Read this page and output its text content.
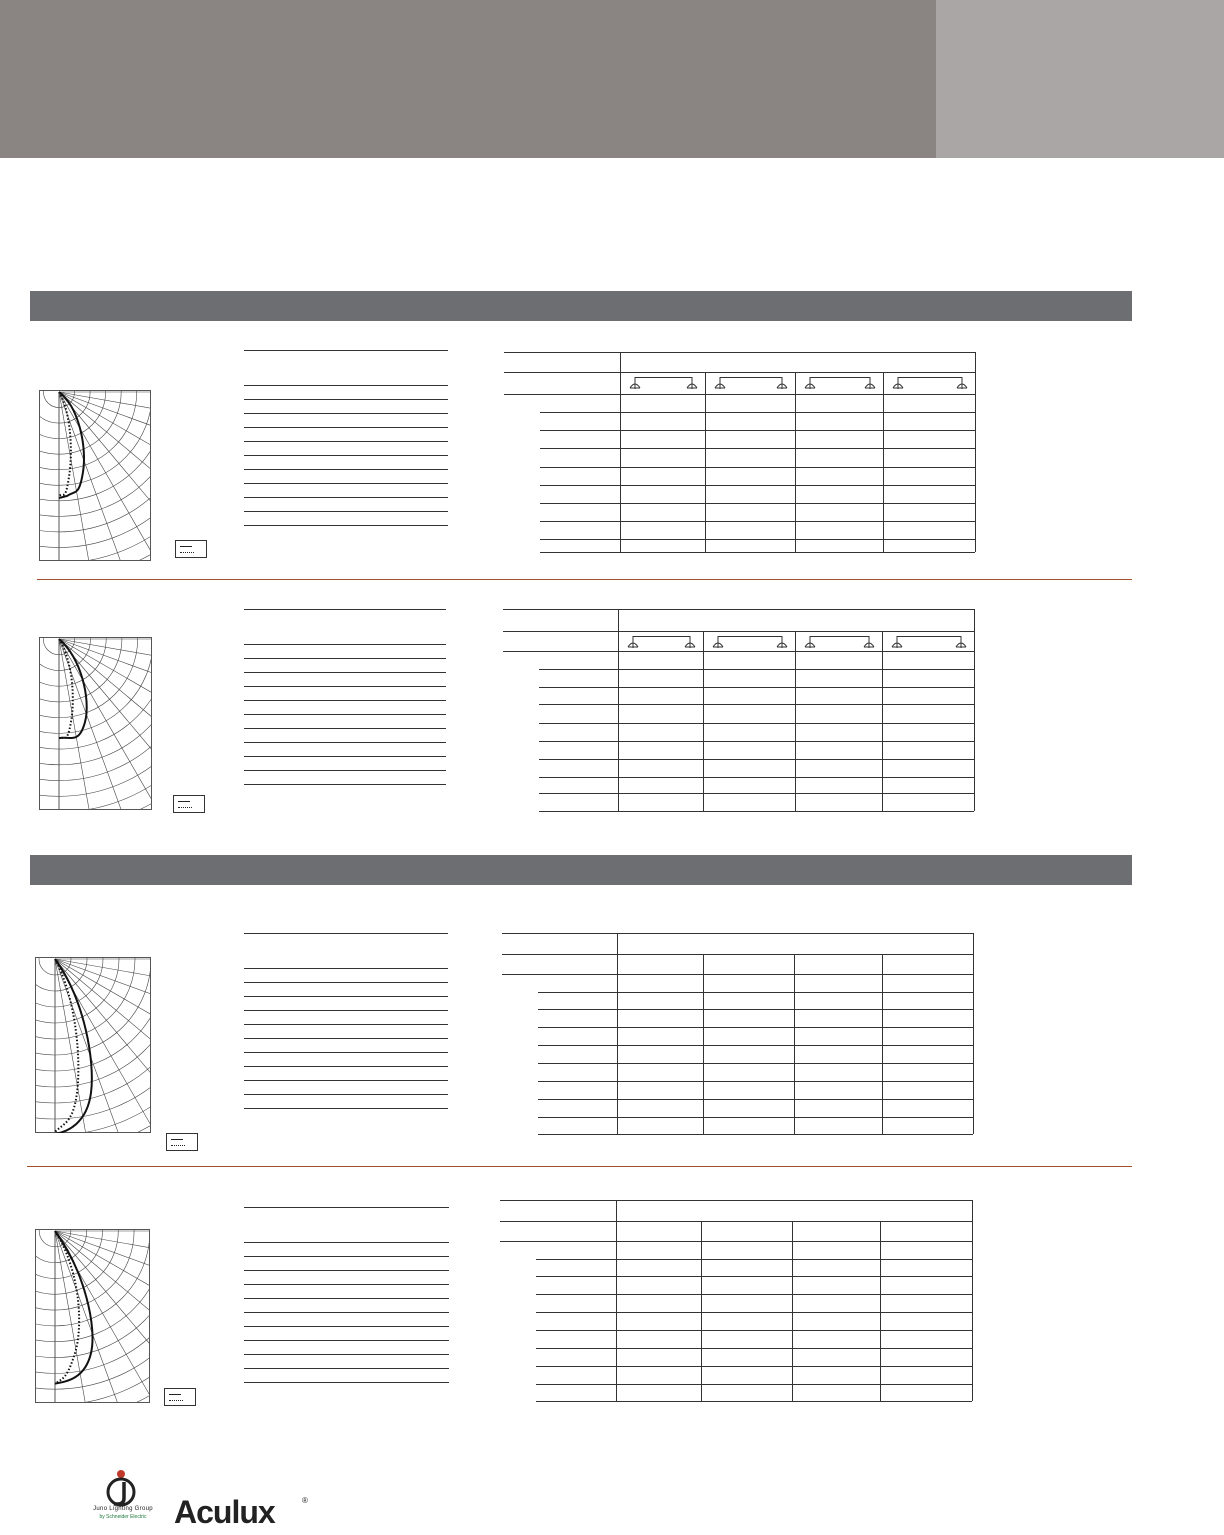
Juno Lighting Group
by Schneider Electric Aculux	®
